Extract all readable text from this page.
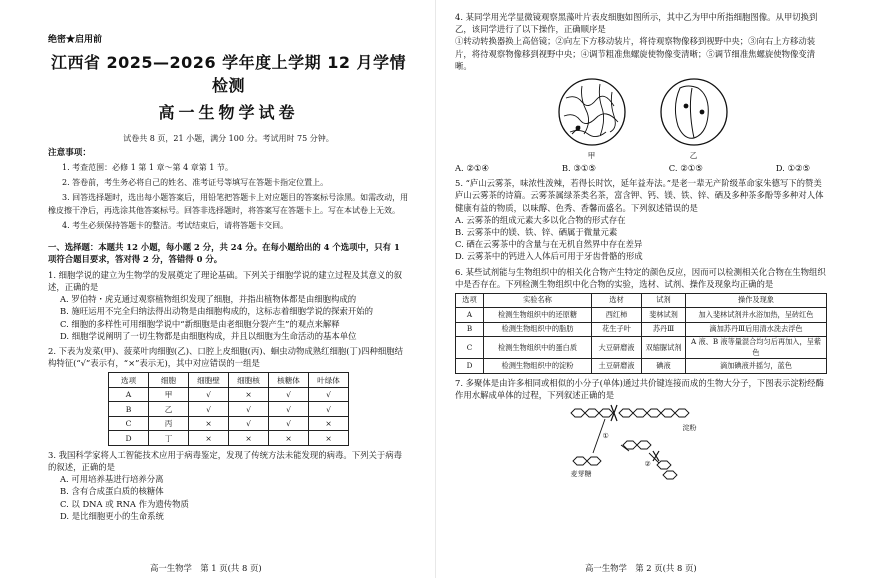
绝密★启用前
江西省 2025—2026 学年度上学期 12 月学情检测
高一生物学试卷
试卷共 8 页，21 小题，满分 100 分。考试用时 75 分钟。
注意事项：

1. 考查范围：必修 1 第 1 章～第 4 章第 1 节。

2. 答卷前，考生务必将自己的姓名、准考证号等填写在答题卡指定位置上。

3. 回答选择题时，选出每小题答案后，用铅笔把答题卡上对应题目的答案标号涂黑。如需改动，用橡皮擦干净后，再选涂其他答案标号。回答非选择题时，将答案写在答题卡上。写在本试卷上无效。

4. 考生必须保持答题卡的整洁。考试结束后，请将答题卡交回。

一、选择题：本题共 12 小题，每小题 2 分，共 24 分。在每小题给出的 4 个选项中，只有 1 项符合题目要求，答对得 2 分，答错得 0 分。
1. 细胞学说的建立为生物学的发展奠定了理论基础。下列关于细胞学说的建立过程及其意义的叙述，正确的是
A. 罗伯特・虎克通过观察植物组织发现了细胞，并指出植物体都是由细胞构成的
B. 施旺运用不完全归纳法得出动物是由细胞构成的，这标志着细胞学说的探索开始的
C. 细胞的多样性可用细胞学说中“新细胞是由老细胞分裂产生”的观点来解释
D. 细胞学说阐明了一切生物都是由细胞构成，并且以细胞为生命活动的基本单位
2. 下表为发菜(甲)、菠菜叶肉细胞(乙)、口腔上皮细胞(丙)、蛔虫动物成熟红细胞(丁)四种细胞结构特征(“√”表示有，“×”表示无)，其中对应错误的一组是
选项	细胞	细胞壁	细胞核	核糖体	叶绿体
A	甲	√	×	√	√
B	乙	√	√	√	√
C	丙	×	√	√	×
D	丁	×	×	×	×
3. 我国科学家将人工智能技术应用于病毒鉴定，发现了传统方法未能发现的病毒。下列关于病毒的叙述，正确的是
A. 可用培养基进行培养分离
B. 含有合成蛋白质的核糖体
C. 以 DNA 或 RNA 作为遗传物质
D. 是比细胞更小的生命系统
高一生物学　第 1 页(共 8 页)
4. 某同学用光学显微镜观察黑藻叶片表皮细胞如图所示，其中乙为甲中所指细胞图像。从甲切换到乙，该同学进行了以下操作，正确顺序是
①转动转换器换上高倍镜；②向左下方移动装片，将待观察物像移到视野中央；③向右上方移动装片，将待观察物像移到视野中央；④调节粗准焦螺旋使物像变清晰；⑤调节细准焦螺旋使物像变清晰。
甲	乙
A. ②①④	B. ③①⑤	C. ②①⑤	D. ①②⑤
5. “庐山云雾茶，味浓性泼辣，若得长时饮，延年益寿法。”是老一辈无产阶级革命家朱德写下的赞美庐山云雾茶的诗篇。云雾茶属绿茶类名茶，富含钾、钙、镁、铁、锌、硒及多种茶多酚等多种对人体健康有益的物质，以味醇、色秀、香馨而盛名。下列叙述错误的是
A. 云雾茶的组成元素大多以化合物的形式存在
B. 云雾茶中的镁、铁、锌、硒属于微量元素
C. 硒在云雾茶中的含量与在无机自然界中存在差异
D. 云雾茶中的钙进入人体后可用于牙齿骨骼的形成
6. 某些试剂能与生物组织中的相关化合物产生特定的颜色反应，因而可以检测相关化合物在生物组织中是否存在。下列检测生物组织中化合物的实验，选材、试剂、操作及现象均正确的是
选项	实验名称	选材	试剂	操作及现象
A	检测生物组织中的还原糖	西红柿	斐林试剂	加入斐林试剂并水浴加热，呈砖红色
B	检测生物组织中的脂肪	花生子叶	苏丹Ⅲ	滴加苏丹Ⅲ后用清水洗去浮色
C	检测生物组织中的蛋白质	大豆研磨液	双缩脲试剂	A 液、B 液等量混合均匀后再加入，呈紫色
D	检测生物组织中的淀粉	土豆研磨液	碘液	滴加碘液并摇匀，蓝色
7. 多聚体是由许多相同或相似的小分子(单体)通过共价键连接而成的生物大分子，下图表示淀粉经酶作用水解成单体的过程，下列叙述正确的是
淀粉
麦芽糖
①
②
高一生物学　第 2 页(共 8 页)
